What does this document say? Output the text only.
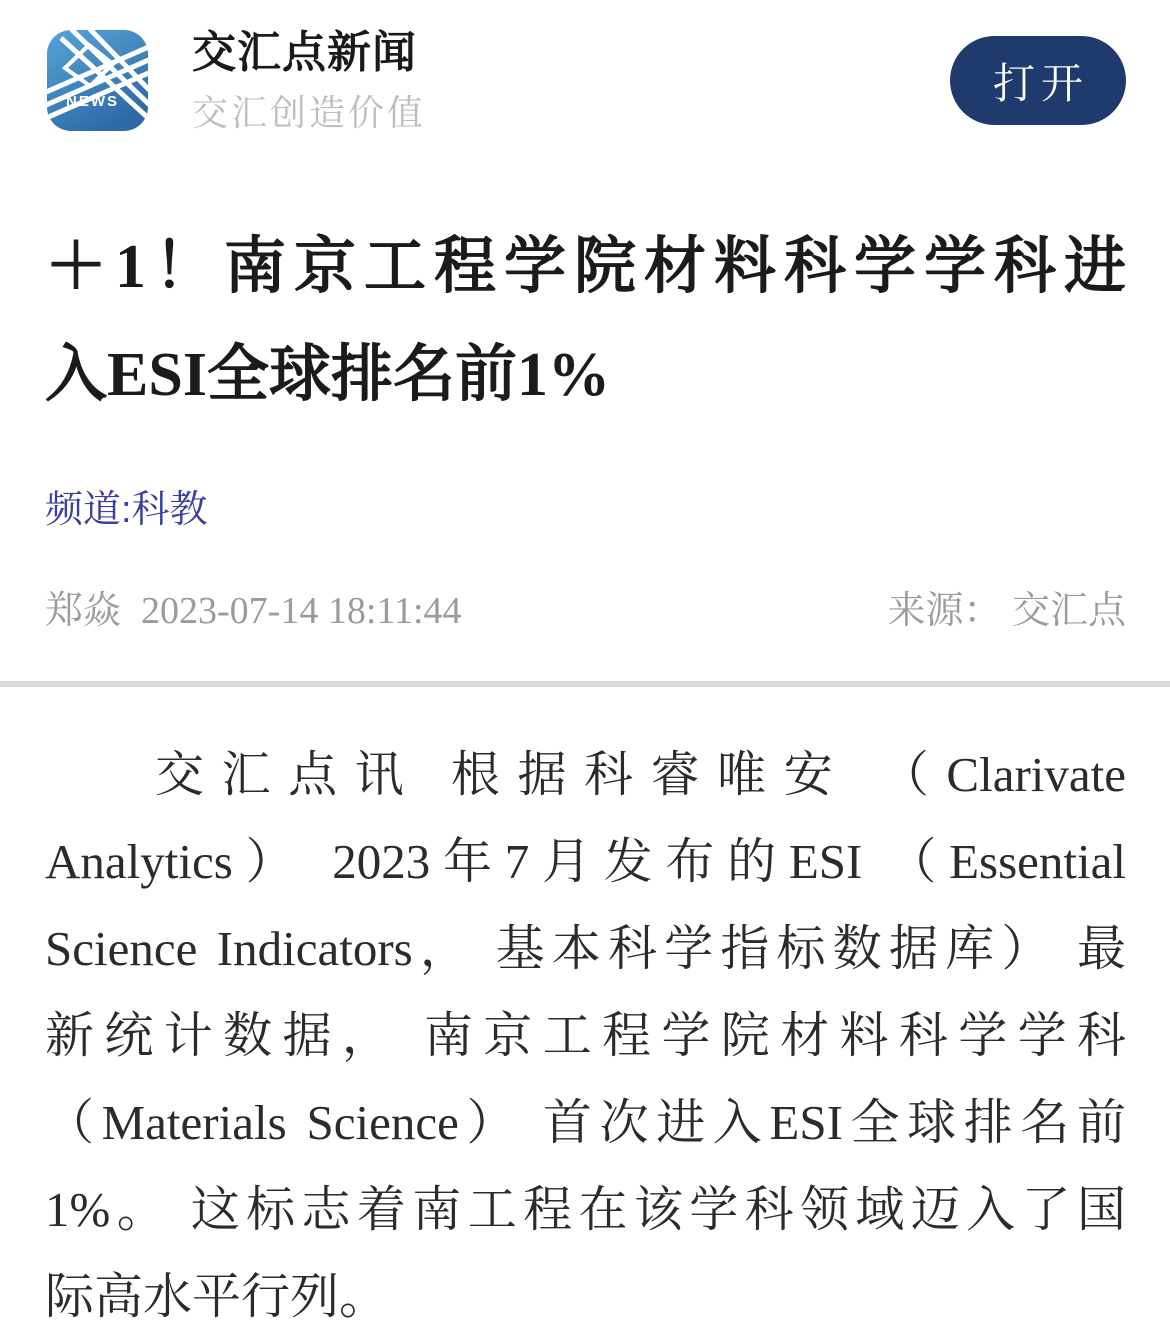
NEWS
交汇点新闻
交汇创造价值
打开
＋1！南京工程学院材料科学学科进
入ESI全球排名前1%
频道:科教
郑焱 2023-07-14 18:11:44	来源： 交汇点
交汇点讯 根据科睿唯安 （Clarivate
Analytics） 2023年7月发布的ESI （Essential
Science Indicators， 基本科学指标数据库） 最
新统计数据， 南京工程学院材料科学学科
（Materials Science） 首次进入ESI全球排名前
1%。 这标志着南工程在该学科领域迈入了国
际高水平行列。
